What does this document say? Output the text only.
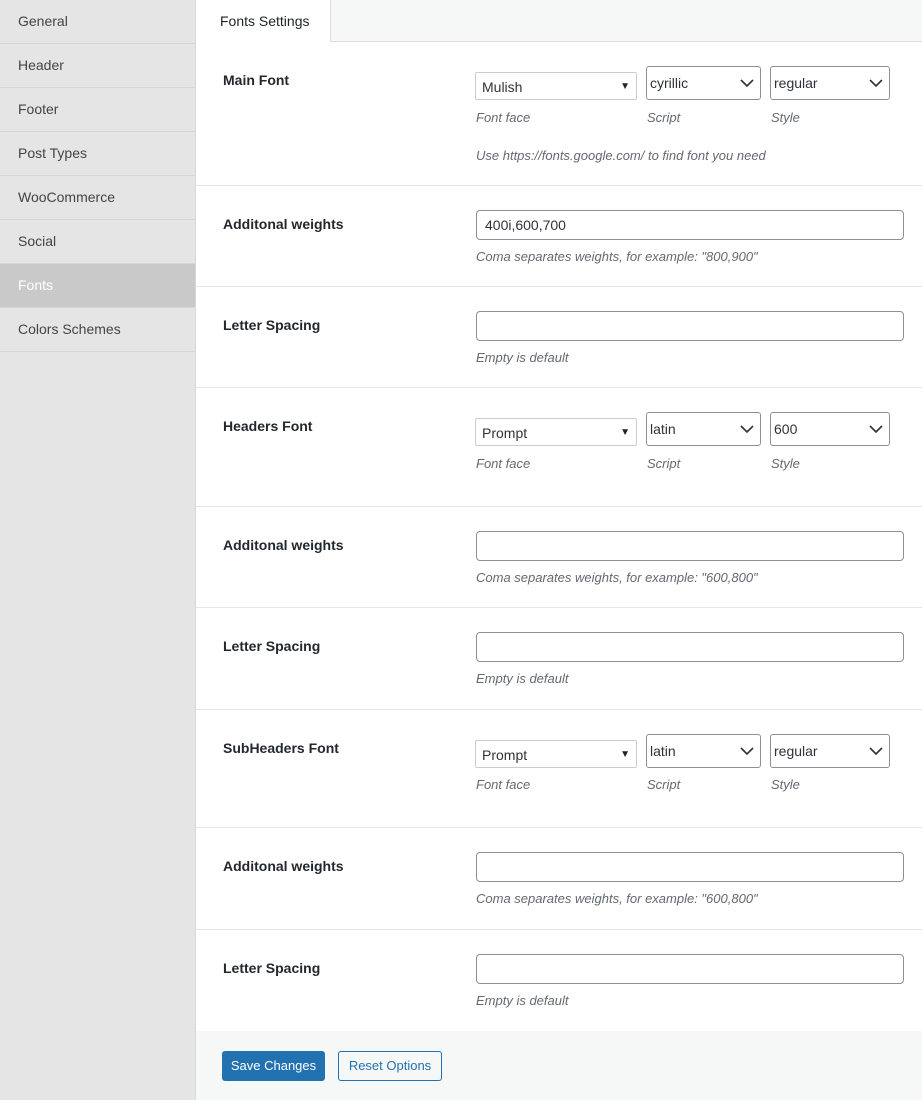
General
Header
Footer
Post Types
WooCommerce
Social
Fonts
Colors Schemes
Fonts Settings
Main Font	Mulish	▼ cyrillic	regular
Font face	Script	Style
Use https://fonts.google.com/ to find font you need
Additonal weights
400i,600,700
Coma separates weights, for example: "800,900"
Letter Spacing
Empty is default
Headers Font	Prompt	▼ latin	600
Font face	Script	Style
Additonal weights
Coma separates weights, for example: "600,800"
Letter Spacing
Empty is default
SubHeaders Font	Prompt	▼ latin	regular
Font face	Script	Style
Additonal weights
Coma separates weights, for example: "600,800"
Letter Spacing
Empty is default
Save Changes	Reset Options
